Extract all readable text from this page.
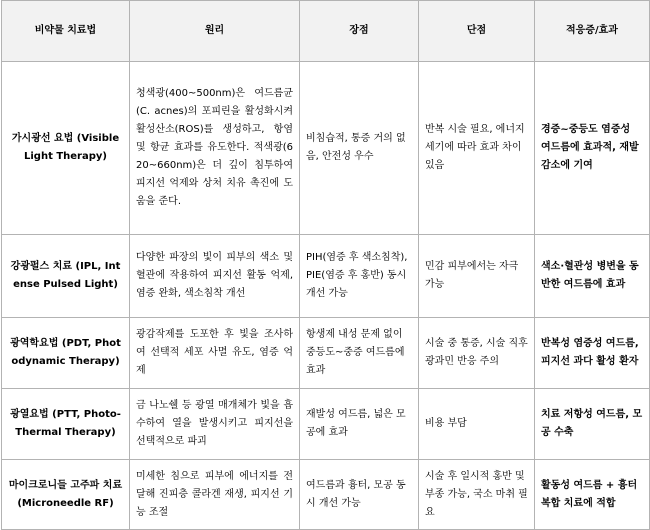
비약물 치료법	원리	장점	단점	적응증/효과
가시광선 요법 (Visible Light Therapy)	청색광(400~500nm)은 여드름균(C. acnes)의 포피린을 활성화시켜 활성산소(ROS)를 생성하고, 항염 및 항균 효과를 유도한다. 적색광(620~660nm)은 더 깊이 침투하여 피지선 억제와 상처 치유 촉진에 도움을 준다.	비침습적, 통증 거의 없음, 안전성 우수	반복 시술 필요, 에너지 세기에 따라 효과 차이 있음	경증~중등도 염증성 여드름에 효과적, 재발 감소에 기여
강광펄스 치료 (IPL, Intense Pulsed Light)	다양한 파장의 빛이 피부의 색소 및 혈관에 작용하여 피지선 활동 억제, 염증 완화, 색소침착 개선	PIH(염증 후 색소침착), PIE(염증 후 홍반) 동시 개선 가능	민감 피부에서는 자극 가능	색소·혈관성 병변을 동반한 여드름에 효과
광역학요법 (PDT, Photodynamic Therapy)	광감작제를 도포한 후 빛을 조사하여 선택적 세포 사멸 유도, 염증 억제	항생제 내성 문제 없이 중등도~중증 여드름에 효과	시술 중 통증, 시술 직후 광과민 반응 주의	반복성 염증성 여드름, 피지선 과다 활성 환자
광열요법 (PTT, Photo-Thermal Therapy)	금 나노쉘 등 광열 매개체가 빛을 흡수하여 열을 발생시키고 피지선을 선택적으로 파괴	재발성 여드름, 넓은 모공에 효과	비용 부담	치료 저항성 여드름, 모공 수축
마이크로니들 고주파 치료 (Microneedle RF)	미세한 침으로 피부에 에너지를 전달해 진피층 콜라겐 재생, 피지선 기능 조절	여드름과 흉터, 모공 동시 개선 가능	시술 후 일시적 홍반 및 부종 가능, 국소 마취 필요	활동성 여드름 + 흉터 복합 치료에 적합
